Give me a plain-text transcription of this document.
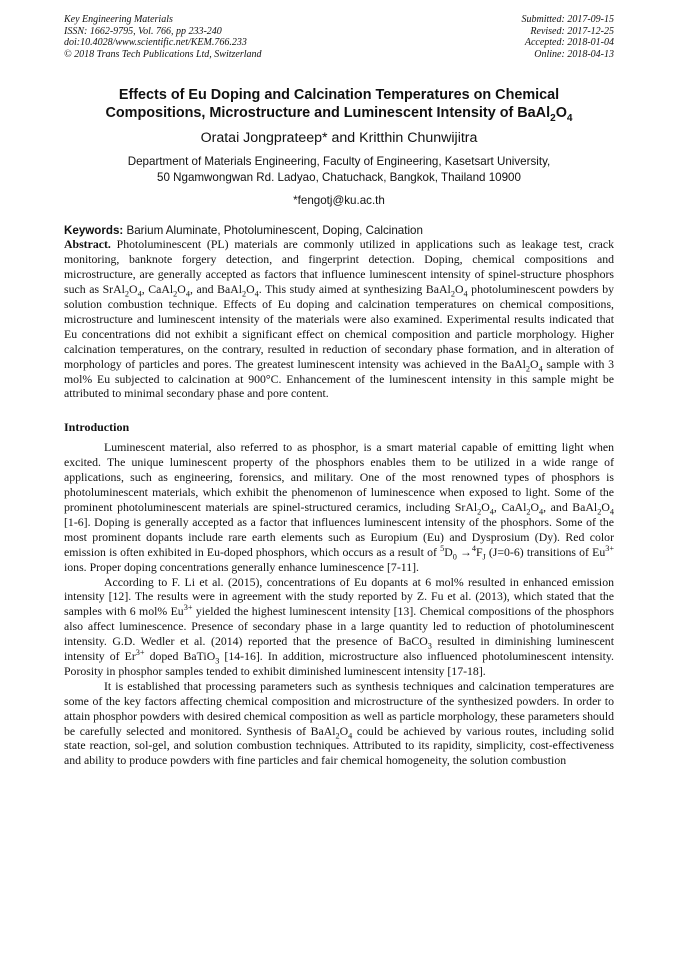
Key Engineering Materials
ISSN: 1662-9795, Vol. 766, pp 233-240
doi:10.4028/www.scientific.net/KEM.766.233
© 2018 Trans Tech Publications Ltd, Switzerland
Submitted: 2017-09-15
Revised: 2017-12-25
Accepted: 2018-01-04
Online: 2018-04-13
Effects of Eu Doping and Calcination Temperatures on Chemical
Compositions, Microstructure and Luminescent Intensity of $BaAl_2O_4$
Oratai Jongprateep* and Kritthin Chunwijitra
Department of Materials Engineering, Faculty of Engineering, Kasetsart University,
50 Ngamwongwan Rd. Ladyao, Chatuchack, Bangkok, Thailand 10900
*fengotj@ku.ac.th
Keywords: Barium Aluminate, Photoluminescent, Doping, Calcination

Abstract. Photoluminescent (PL) materials are commonly utilized in applications such as leakage test, crack monitoring, banknote forgery detection, and fingerprint detection. Doping, chemical compositions and microstructure, are generally accepted as factors that influence luminescent intensity of spinel-structure phosphors such as $SrAl_2O_4$, $CaAl_2O_4$, and $BaAl_2O_4$. This study aimed at synthesizing $BaAl_2O_4$ photoluminescent powders by solution combustion technique. Effects of Eu doping and calcination temperatures on chemical compositions, microstructure and luminescent intensity of the materials were also examined. Experimental results indicated that Eu concentrations did not exhibit a significant effect on chemical composition and particle morphology. Higher calcination temperatures, on the contrary, resulted in reduction of secondary phase formation, and in alteration of morphology of particles and pores. The greatest luminescent intensity was achieved in the $BaAl_2O_4$ sample with 3 mol% Eu subjected to calcination at 900°C. Enhancement of the luminescent intensity in this sample might be attributed to minimal secondary phase and pore content.

Introduction

Luminescent material, also referred to as phosphor, is a smart material capable of emitting light when excited. The unique luminescent property of the phosphors enables them to be utilized in a wide range of applications, such as engineering, forensics, and military. One of the most renowned types of phosphors is photoluminescent materials, which exhibit the phenomenon of luminescence when exposed to light. Some of the prominent photoluminescent materials are spinel-structured ceramics, including $SrAl_2O_4$, $CaAl_2O_4$, and $BaAl_2O_4$ [1-6]. Doping is generally accepted as a factor that influences luminescent intensity of the phosphors. Some of the most prominent dopants include rare earth elements such as Europium (Eu) and Dysprosium (Dy). Red color emission is often exhibited in Eu-doped phosphors, which occurs as a result of $^5D_0 \to^4F_J$ (J=0-6) transitions of $Eu^{3+}$ ions. Proper doping concentrations generally enhance luminescence [7-11].

According to F. Li et al. (2015), concentrations of Eu dopants at 6 mol% resulted in enhanced emission intensity [12]. The results were in agreement with the study reported by Z. Fu et al. (2013), which stated that the samples with 6 mol% $Eu^{3+}$ yielded the highest luminescent intensity [13]. Chemical compositions of the phosphors also affect luminescence. Presence of secondary phase in a large quantity led to reduction of photoluminescent intensity. G.D. Wedler et al. (2014) reported that the presence of BaCO$_3$ resulted in diminishing luminescent intensity of $Er^{3+}$ doped BaTiO$_3$ [14-16]. In addition, microstructure also influenced photoluminescent intensity. Porosity in phosphor samples tended to exhibit diminished luminescent intensity [17-18].

It is established that processing parameters such as synthesis techniques and calcination temperatures are some of the key factors affecting chemical composition and microstructure of the synthesized powders. In order to attain phosphor powders with desired chemical composition as well as particle morphology, these parameters should be carefully selected and monitored. Synthesis of $BaAl_2O_4$ could be achieved by various routes, including solid state reaction, sol-gel, and solution combustion techniques. Attributed to its rapidity, simplicity, cost-effectiveness and ability to produce powders with fine particles and fair chemical homogeneity, the solution combustion
